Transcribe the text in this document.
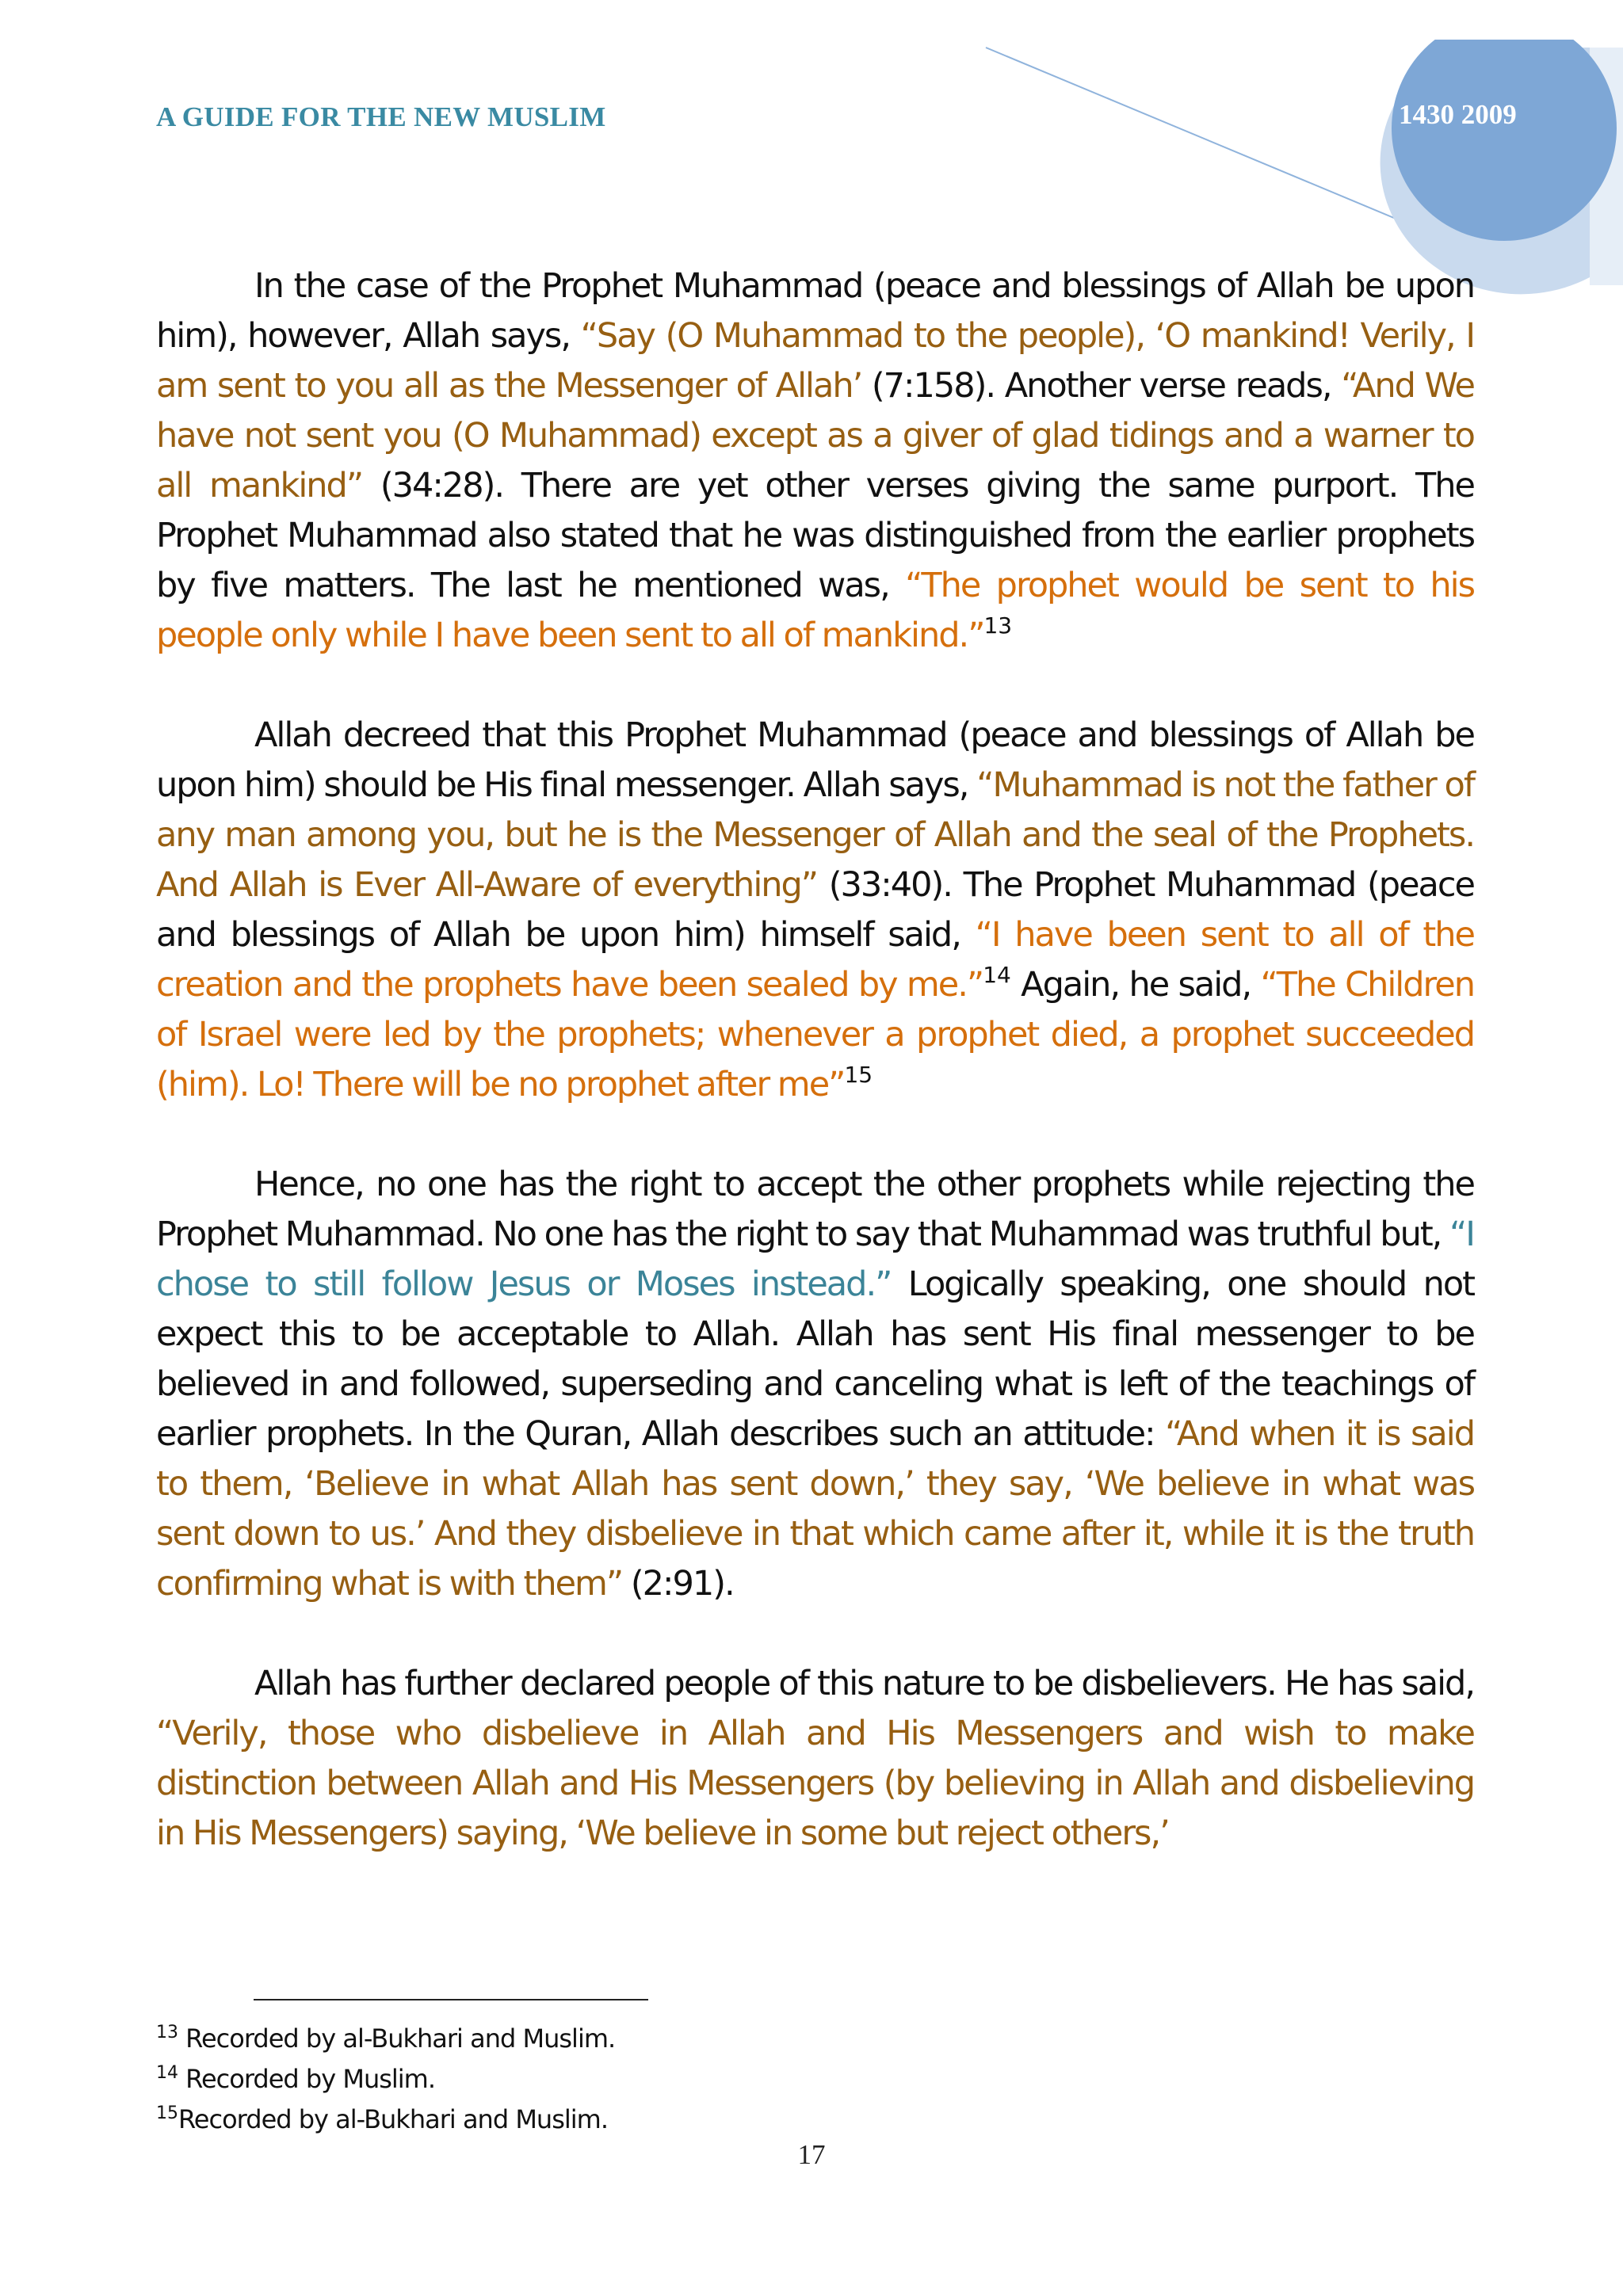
A GUIDE FOR THE NEW MUSLIM	1430 2009

In the case of the Prophet Muhammad (peace and blessings of Allah be upon him), however, Allah says, “Say (O Muhammad to the people), ‘O mankind! Verily, I am sent to you all as the Messenger of Allah’ (7:158). Another verse reads, “And We have not sent you (O Muhammad) except as a giver of glad tidings and a warner to all mankind” (34:28). There are yet other verses giving the same purport. The Prophet Muhammad also stated that he was distinguished from the earlier prophets by five matters. The last he mentioned was, “The prophet would be sent to his people only while I have been sent to all of mankind.”$^{13}$

Allah decreed that this Prophet Muhammad (peace and blessings of Allah be upon him) should be His final messenger. Allah says, “Muhammad is not the father of any man among you, but he is the Messenger of Allah and the seal of the Prophets. And Allah is Ever All-Aware of everything” (33:40). The Prophet Muhammad (peace and blessings of Allah be upon him) himself said, “I have been sent to all of the creation and the prophets have been sealed by me.”$^{14}$ Again, he said, “The Children of Israel were led by the prophets; whenever a prophet died, a prophet succeeded (him). Lo! There will be no prophet after me”$^{15}$

Hence, no one has the right to accept the other prophets while rejecting the Prophet Muhammad. No one has the right to say that Muhammad was truthful but, “I chose to still follow Jesus or Moses instead.” Logically speaking, one should not expect this to be acceptable to Allah. Allah has sent His final messenger to be believed in and followed, superseding and canceling what is left of the teachings of earlier prophets. In the Quran, Allah describes such an attitude: “And when it is said to them, ‘Believe in what Allah has sent down,’ they say, ‘We believe in what was sent down to us.’ And they disbelieve in that which came after it, while it is the truth confirming what is with them” (2:91).

Allah has further declared people of this nature to be disbelievers. He has said, “Verily, those who disbelieve in Allah and His Messengers and wish to make distinction between Allah and His Messengers (by believing in Allah and disbelieving in His Messengers) saying, ‘We believe in some but reject others,’

$^{13}$ Recorded by al-Bukhari and Muslim.
$^{14}$ Recorded by Muslim.
$^{15}$Recorded by al-Bukhari and Muslim.
17
